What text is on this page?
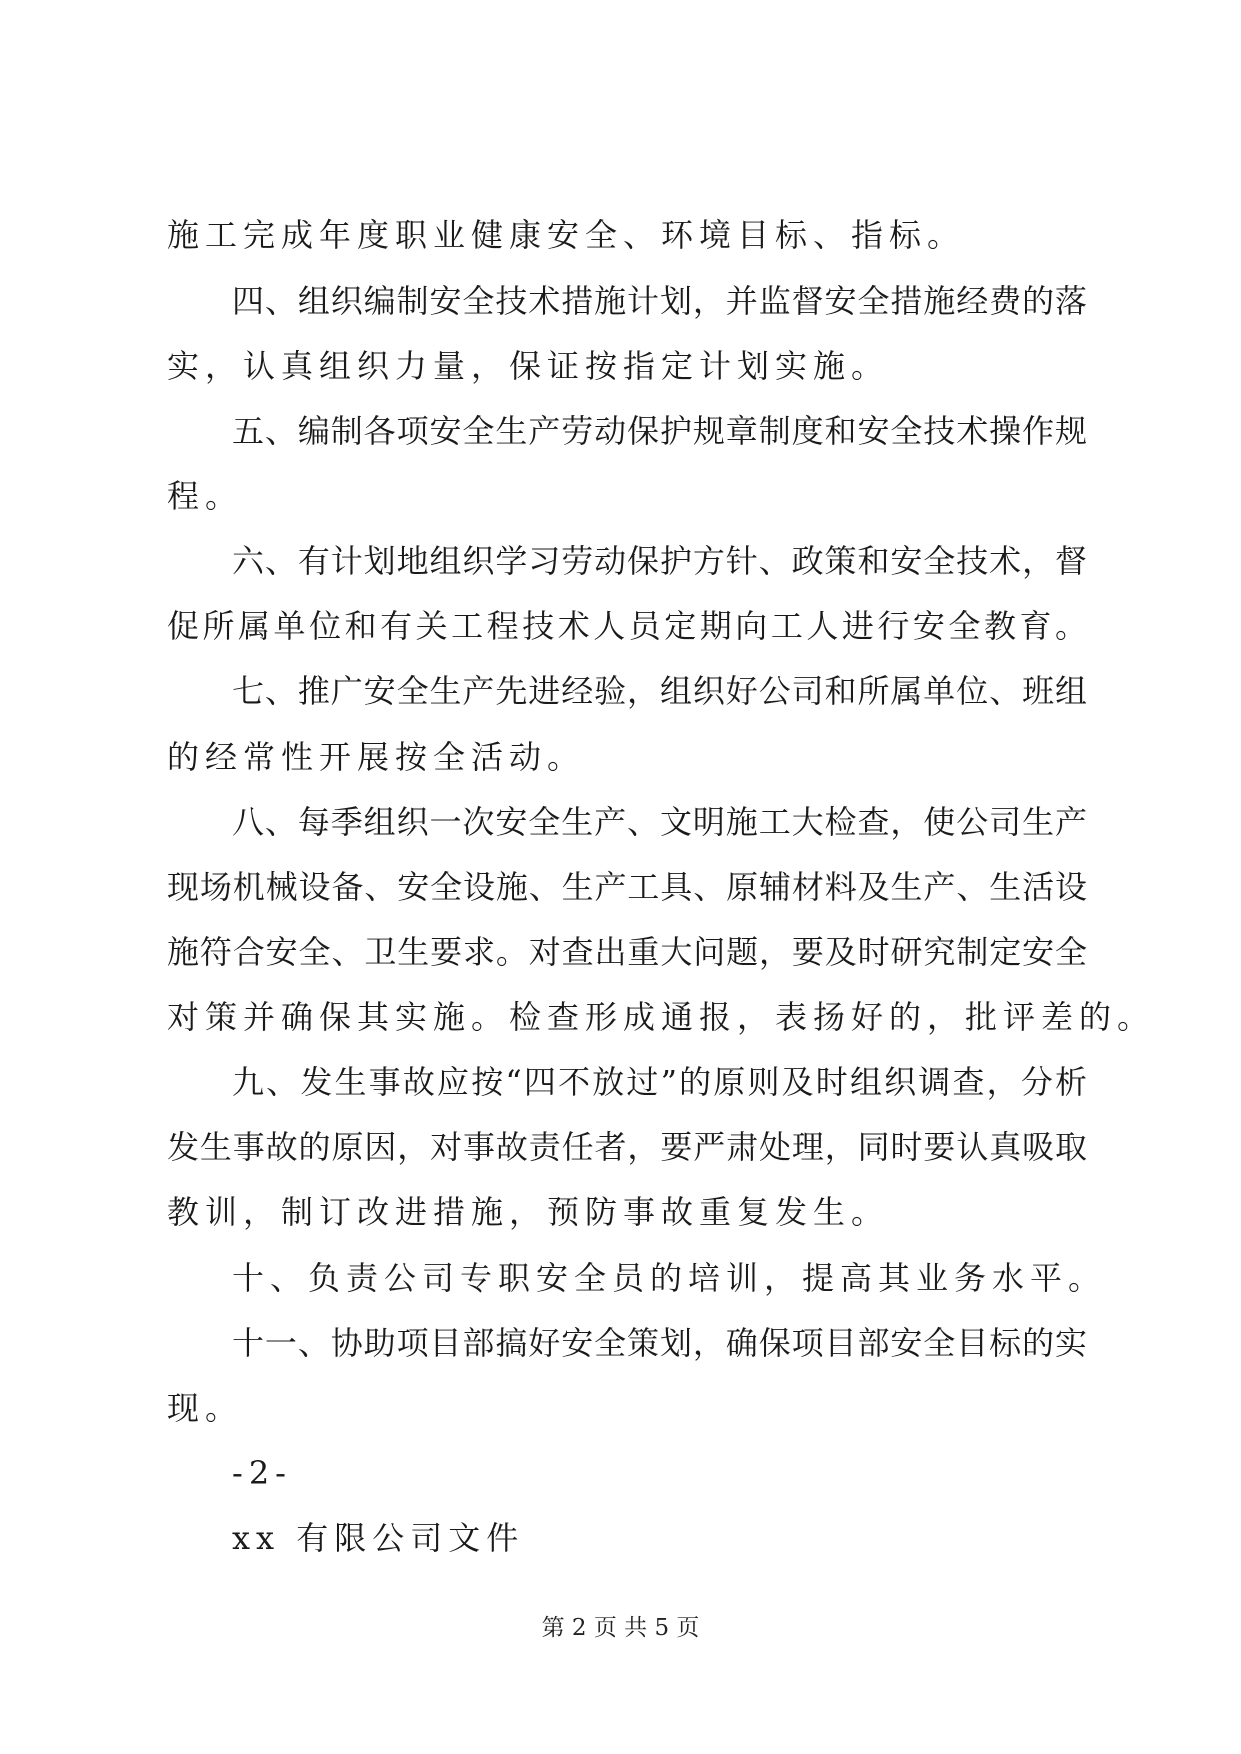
施工完成年度职业健康安全、环境目标、指标。
四、组织编制安全技术措施计划，并监督安全措施经费的落
实，认真组织力量，保证按指定计划实施。
五、编制各项安全生产劳动保护规章制度和安全技术操作规
程。
六、有计划地组织学习劳动保护方针、政策和安全技术，督
促所属单位和有关工程技术人员定期向工人进行安全教育。
七、推广安全生产先进经验，组织好公司和所属单位、班组
的经常性开展按全活动。
八、每季组织一次安全生产、文明施工大检查，使公司生产
现场机械设备、安全设施、生产工具、原辅材料及生产、生活设
施符合安全、卫生要求。对查出重大问题，要及时研究制定安全
对策并确保其实施。检查形成通报，表扬好的，批评差的。
九、发生事故应按“四不放过”的原则及时组织调查，分析
发生事故的原因，对事故责任者，要严肃处理，同时要认真吸取
教训，制订改进措施，预防事故重复发生。
十、负责公司专职安全员的培训，提高其业务水平。
十一、协助项目部搞好安全策划，确保项目部安全目标的实
现。
-2-
xx 有限公司文件
第 2 页 共 5 页
